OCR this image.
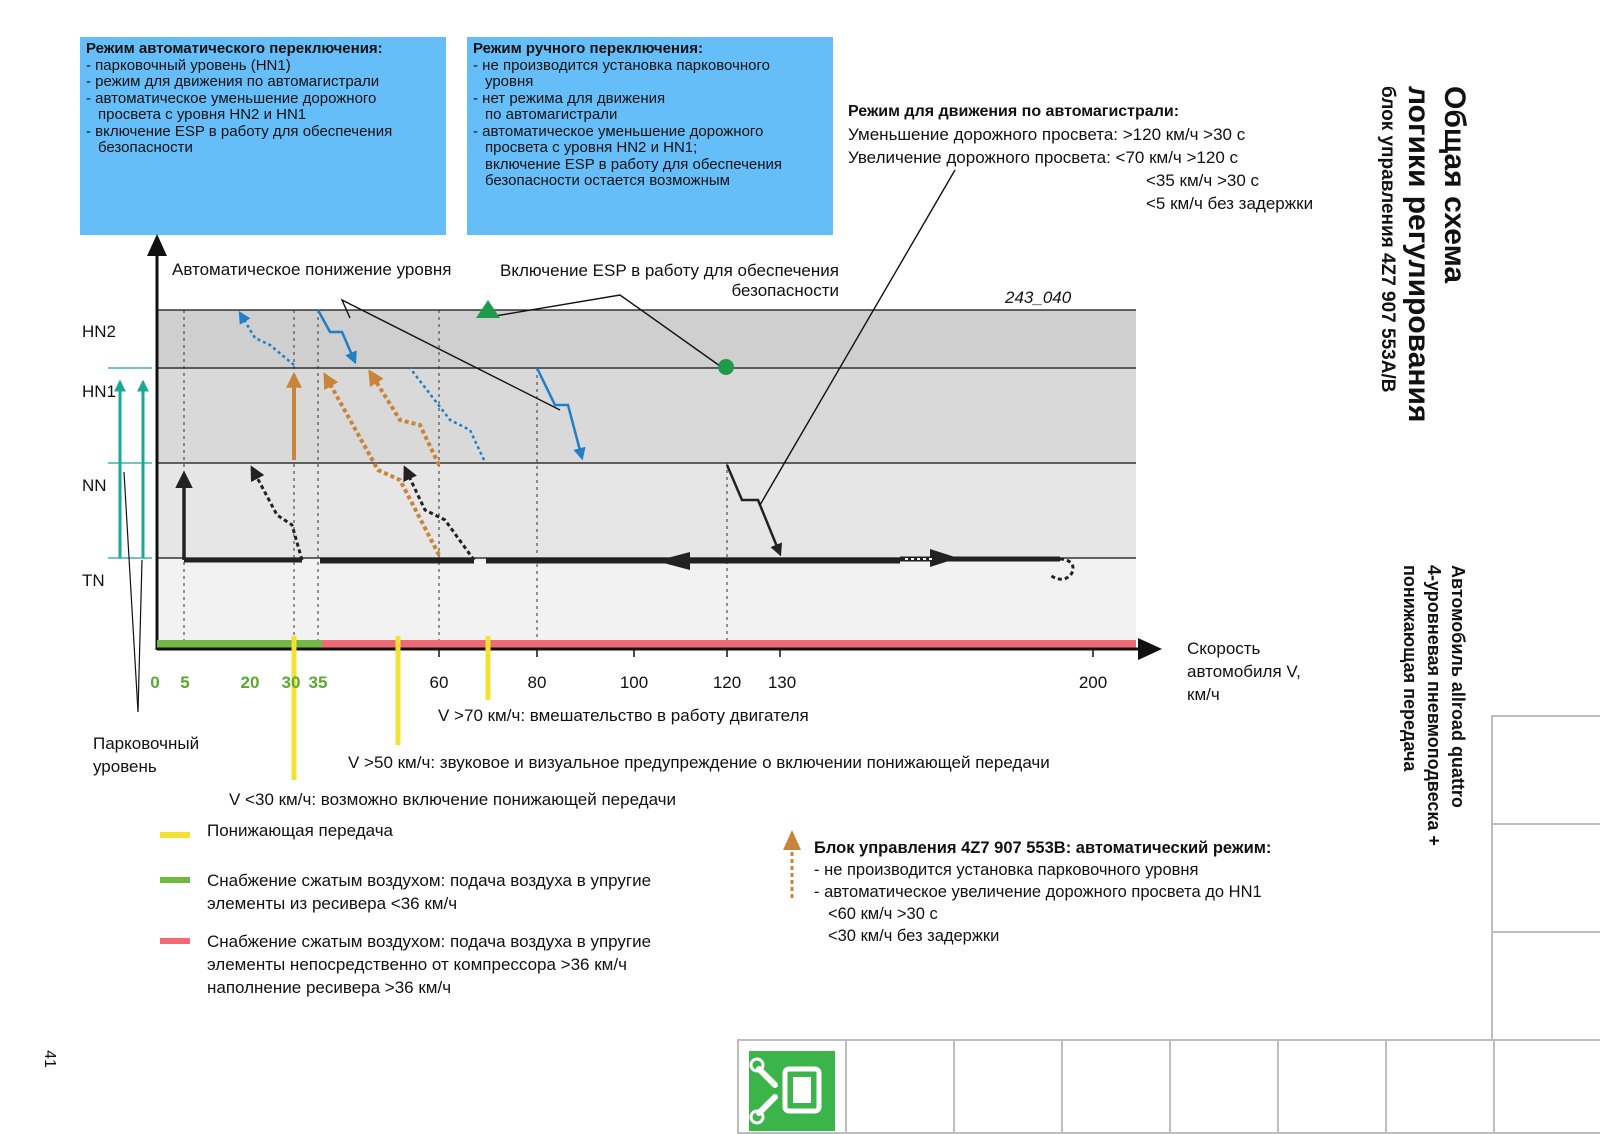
Режим автоматического переключения:
- парковочный уровень (HN1)
- режим для движения по автомагистрали
- автоматическое уменьшение дорожного
просвета с уровня HN2 и HN1
- включение ESP в работу для обеспечения
безопасности
Режим ручного переключения:
- не производится установка парковочного
уровня
- нет режима для движения
по автомагистрали
- автоматическое уменьшение дорожного
просвета с уровня HN2 и HN1;
включение ESP в работу для обеспечения
безопасности остается возможным
Режим для движения по автомагистрали:
Уменьшение дорожного просвета: >120 км/ч >30 с
Увеличение дорожного просвета: <70 км/ч >120 с
<35 км/ч >30 с
<5 км/ч без задержки	Общая схема
логики регулирования
блок управления 4Z7 907 553A/B
Автомобиль allroad quattro
4-уровневая пневмоподвеска +
понижающая передача
Автоматическое понижение уровня	Включение ESP в работу для обеспечения
безопасности	243_040
HN2
HN1
NN
TN
0 5	20 30 35	60	80	100	120 130	200
Скорость
автомобиля V,
км/ч
Парковочный
уровень
V >70 км/ч: вмешательство в работу двигателя
V >50 км/ч: звуковое и визуальное предупреждение о включении понижающей передачи
V <30 км/ч: возможно включение понижающей передачи
Понижающая передача
Снабжение сжатым воздухом: подача воздуха в упругие
элементы из ресивера <36 км/ч
Снабжение сжатым воздухом: подача воздуха в упругие
элементы непосредственно от компрессора >36 км/ч
наполнение ресивера >36 км/ч
Блок управления 4Z7 907 553B: автоматический режим:
- не производится установка парковочного уровня
- автоматическое увеличение дорожного просвета до HN1
<60 км/ч >30 с
<30 км/ч без задержки
41
